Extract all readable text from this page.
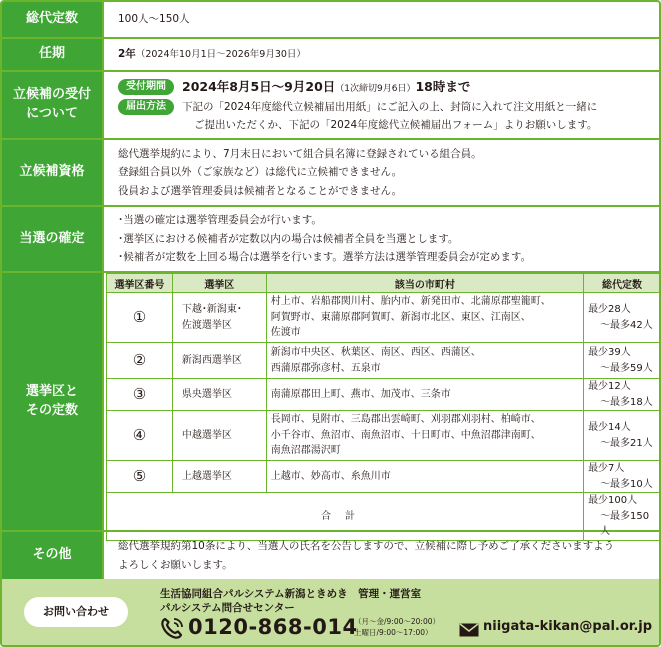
総代定数	100人～150人

任期	2年（2024年10月1日～2026年9月30日）

立候補の受付
について
受付期間	2024年8月5日～9月20日（1次締切9月6日）18時まで
届出方法	下記の「2024年度総代立候補届出用紙」にご記入の上、封筒に入れて注文用紙と一緒に

ご提出いただくか、下記の「2024年度総代立候補届出フォーム」よりお願いします。

立候補資格

総代選挙規約により、7月末日において組合員名簿に登録されている組合員。

登録組合員以外（ご家族など）は総代に立候補できません。

役員および選挙管理委員は候補者となることができません。

当選の確定

･当選の確定は選挙管理委員会が行います。

･選挙区における候補者が定数以内の場合は候補者全員を当選とします。

･候補者が定数を上回る場合は選挙を行います。選挙方法は選挙管理委員会が定めます。

選挙区と
その定数
選挙区番号	選挙区	該当の市町村	総代定数
①	下越･新潟東･
佐渡選挙区	村上市、岩船郡関川村、胎内市、新発田市、北蒲原郡聖籠町、
阿賀野市、東蒲原郡阿賀町、新潟市北区、東区、江南区、
佐渡市	最少28人
～最多42人

②	新潟西選挙区	新潟市中央区、秋葉区、南区、西区、西蒲区、
西蒲原郡弥彦村、五泉市	最少39人
～最多59人

③	県央選挙区	南蒲原郡田上町、燕市、加茂市、三条市	最少12人
～最多18人

④	中越選挙区	長岡市、見附市、三島郡出雲崎町、刈羽郡刈羽村、柏崎市、
小千谷市、魚沼市、南魚沼市、十日町市、中魚沼郡津南町、
南魚沼郡湯沢町	最少14人
～最多21人

⑤	上越選挙区	上越市、妙高市、糸魚川市	最少7人
～最多10人

合計			最少100人
～最多150人
その他

総代選挙規約第10条により、当選人の氏名を公告しますので、立候補に際し予めご了承くださいますよう

よろしくお願いします。

お問い合わせ
生活協同組合パルシステム新潟ときめき　管理・運営室
パルシステム問合せセンター
0120-868-014
（月～金/9:00～20:00）
土曜日/9:00～17:00）	niigata-kikan@pal.or.jp
